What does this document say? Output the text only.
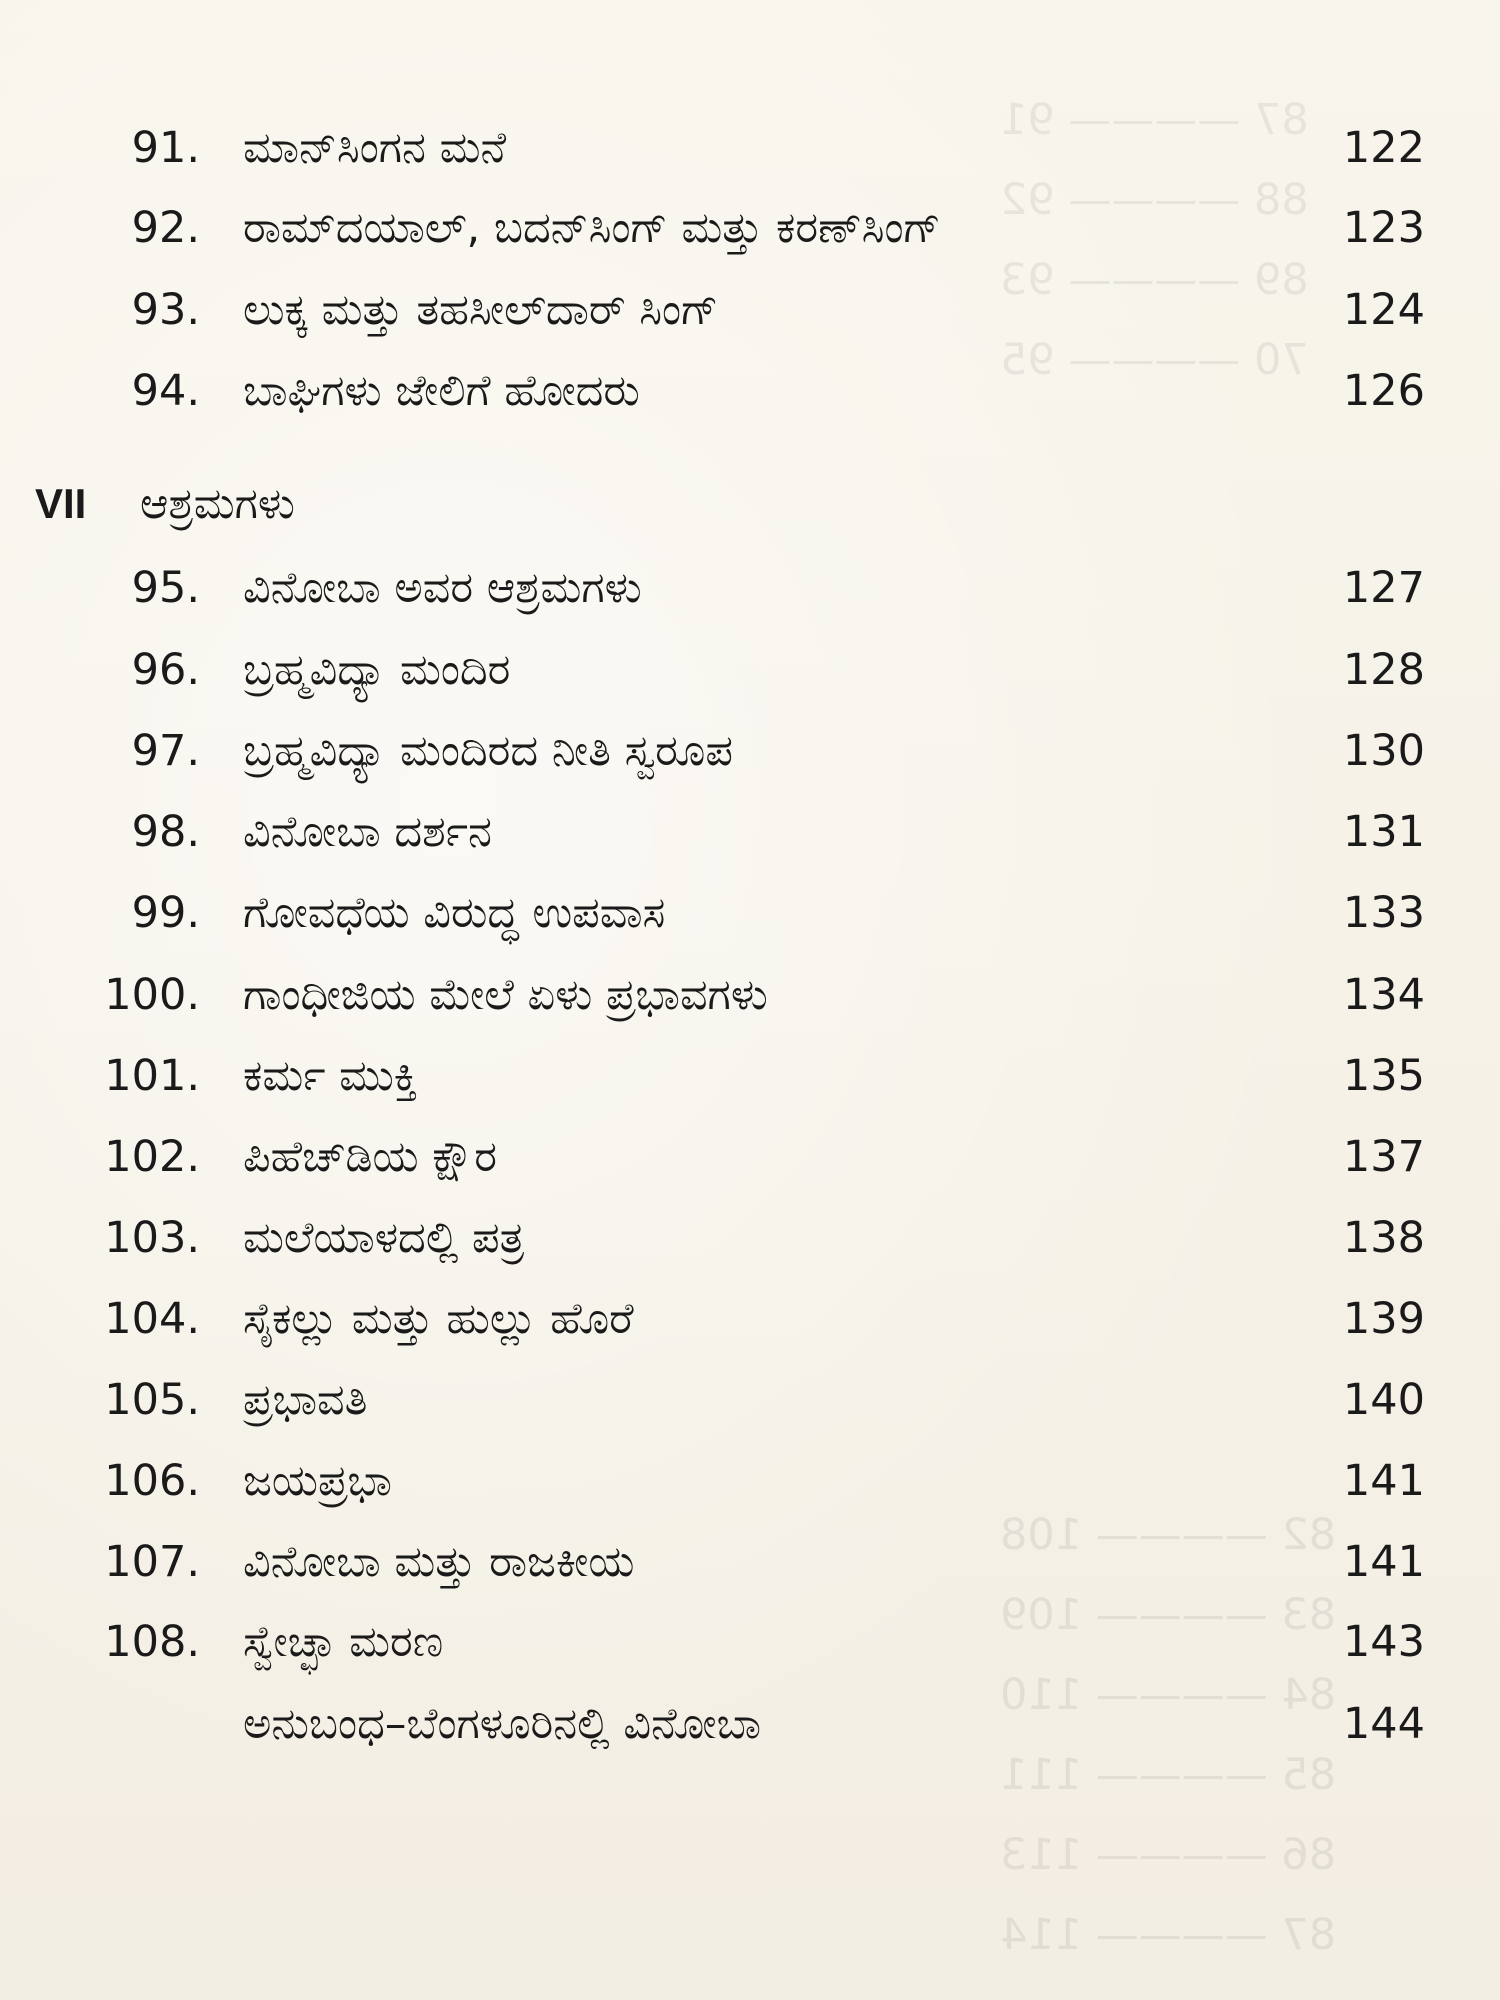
87 ———— 91
88 ———— 92
89 ———— 93
70 ———— 95
82 ———— 108
83 ———— 109
84 ———— 110
85 ———— 111
86 ———— 113
87 ———— 114
91. ಮಾನ್‌ಸಿಂಗನ ಮನೆ	122
92. ರಾಮ್‌ದಯಾಲ್, ಬದನ್‌ಸಿಂಗ್ ಮತ್ತು ಕರಣ್‌ಸಿಂಗ್	123
93. ಲುಕ್ಕ ಮತ್ತು ತಹಸೀಲ್‌ದಾರ್ ಸಿಂಗ್	124
94. ಬಾಘಿಗಳು ಜೇಲಿಗೆ ಹೋದರು	126
VII ಆಶ್ರಮಗಳು
95. ವಿನೋಬಾ ಅವರ ಆಶ್ರಮಗಳು	127
96. ಬ್ರಹ್ಮವಿದ್ಯಾ ಮಂದಿರ	128
97. ಬ್ರಹ್ಮವಿದ್ಯಾ ಮಂದಿರದ ನೀತಿ ಸ್ವರೂಪ	130
98. ವಿನೋಬಾ ದರ್ಶನ	131
99. ಗೋವಧೆಯ ವಿರುದ್ಧ ಉಪವಾಸ	133
100. ಗಾಂಧೀಜಿಯ ಮೇಲೆ ಏಳು ಪ್ರಭಾವಗಳು	134
101. ಕರ್ಮ ಮುಕ್ತಿ	135
102. ಪಿಹೆಚ್‌ಡಿಯ ಕ್ಷೌರ	137
103. ಮಲೆಯಾಳದಲ್ಲಿ ಪತ್ರ	138
104. ಸೈಕಲ್ಲು ಮತ್ತು ಹುಲ್ಲು ಹೊರೆ	139
105. ಪ್ರಭಾವತಿ	140
106. ಜಯಪ್ರಭಾ	141
107. ವಿನೋಬಾ ಮತ್ತು ರಾಜಕೀಯ	141
108. ಸ್ವೇಚ್ಛಾ ಮರಣ	143
ಅನುಬಂಧ–ಬೆಂಗಳೂರಿನಲ್ಲಿ ವಿನೋಬಾ	144
